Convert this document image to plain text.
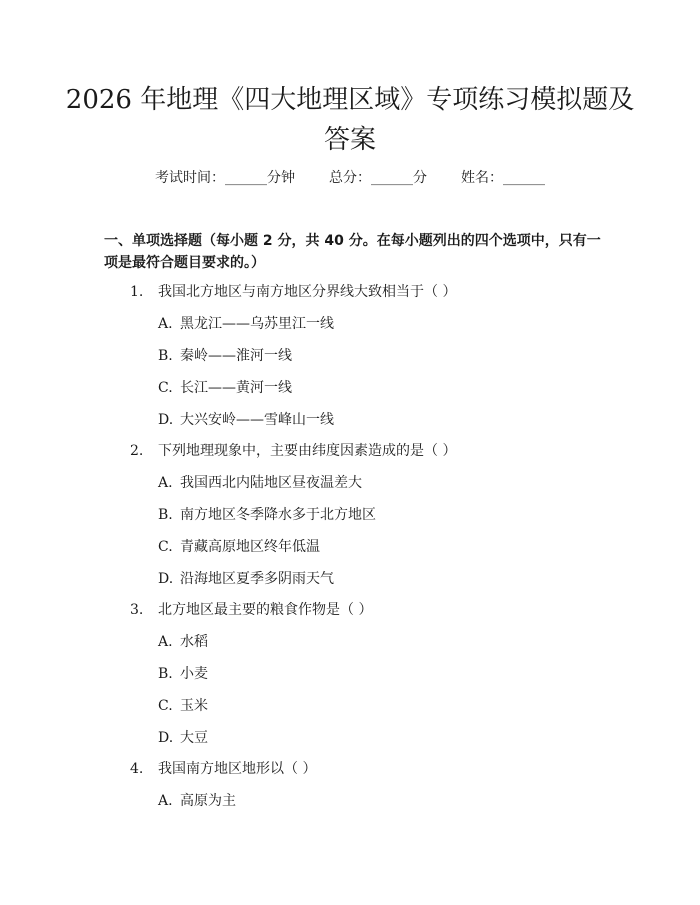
2026 年地理《四大地理区域》专项练习模拟题及答案
考试时间：______分钟 总分：______分 姓名：______
一、单项选择题（每小题 2 分，共 40 分。在每小题列出的四个选项中，只有一项是最符合题目要求的。）
1. 我国北方地区与南方地区分界线大致相当于（ ）
A. 黑龙江——乌苏里江一线
B. 秦岭——淮河一线
C. 长江——黄河一线
D. 大兴安岭——雪峰山一线
2. 下列地理现象中，主要由纬度因素造成的是（ ）
A. 我国西北内陆地区昼夜温差大
B. 南方地区冬季降水多于北方地区
C. 青藏高原地区终年低温
D. 沿海地区夏季多阴雨天气
3. 北方地区最主要的粮食作物是（ ）
A. 水稻
B. 小麦
C. 玉米
D. 大豆
4. 我国南方地区地形以（ ）
A. 高原为主
